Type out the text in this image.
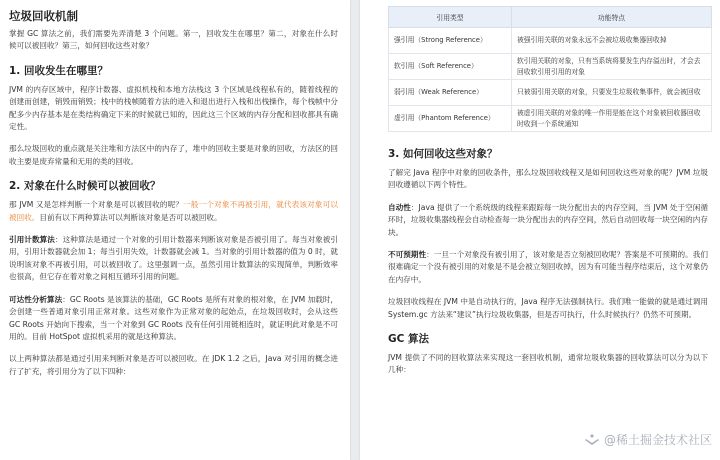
垃圾回收机制

掌握 GC 算法之前，我们需要先弄清楚 3 个问题。第一，回收发生在哪里？第二，对象在什么时候可以被回收？第三，如何回收这些对象？

1. 回收发生在哪里？

JVM 的内存区域中，程序计数器、虚拟机栈和本地方法栈这 3 个区域是线程私有的，随着线程的创建而创建，销毁而销毁；栈中的栈帧随着方法的进入和退出进行入栈和出栈操作，每个栈帧中分配多少内存基本是在类结构确定下来的时候就已知的，因此这三个区域的内存分配和回收都具有确定性。

那么垃圾回收的重点就是关注堆和方法区中的内存了，堆中的回收主要是对象的回收，方法区的回收主要是废弃常量和无用的类的回收。

2. 对象在什么时候可以被回收？

那 JVM 又是怎样判断一个对象是可以被回收的呢？一般一个对象不再被引用，就代表该对象可以被回收。目前有以下两种算法可以判断该对象是否可以被回收。

引用计数算法：这种算法是通过一个对象的引用计数器来判断该对象是否被引用了。每当对象被引用，引用计数器就会加 1；每当引用失效，计数器就会减 1。当对象的引用计数器的值为 0 时，就说明该对象不再被引用，可以被回收了。这里强调一点，虽然引用计数算法的实现简单，判断效率也很高，但它存在着对象之间相互循环引用的问题。

可达性分析算法：GC Roots 是该算法的基础，GC Roots 是所有对象的根对象，在 JVM 加载时，会创建一些普通对象引用正常对象。这些对象作为正常对象的起始点，在垃圾回收时，会从这些 GC Roots 开始向下搜索，当一个对象到 GC Roots 没有任何引用链相连时，就证明此对象是不可用的。目前 HotSpot 虚拟机采用的就是这种算法。

以上两种算法都是通过引用来判断对象是否可以被回收。在 JDK 1.2 之后，Java 对引用的概念进行了扩充，将引用分为了以下四种：

引用类型	功能特点
强引用（Strong Reference）	被强引用关联的对象永远不会被垃圾收集器回收掉
软引用（Soft Reference）	软引用关联的对象，只有当系统将要发生内存溢出时，才会去回收软引用引用的对象
弱引用（Weak Reference）	只被弱引用关联的对象，只要发生垃圾收集事件，就会被回收
虚引用（Phantom Reference）	被虚引用关联的对象的唯一作用是能在这个对象被回收器回收时收到一个系统通知
3. 如何回收这些对象？

了解完 Java 程序中对象的回收条件，那么垃圾回收线程又是如何回收这些对象的呢？JVM 垃圾回收遵循以下两个特性。

自动性：Java 提供了一个系统级的线程来跟踪每一块分配出去的内存空间，当 JVM 处于空闲循环时，垃圾收集器线程会自动检查每一块分配出去的内存空间，然后自动回收每一块空闲的内存块。

不可预期性：一旦一个对象没有被引用了，该对象是否立刻被回收呢？答案是不可预期的。我们很难确定一个没有被引用的对象是不是会被立刻回收掉，因为有可能当程序结束后，这个对象仍在内存中。

垃圾回收线程在 JVM 中是自动执行的，Java 程序无法强制执行。我们唯一能做的就是通过调用 System.gc 方法来“建议”执行垃圾收集器，但是否可执行，什么时候执行？仍然不可预期。

GC 算法

JVM 提供了不同的回收算法来实现这一套回收机制，通常垃圾收集器的回收算法可以分为以下几种：

@稀土掘金技术社区
